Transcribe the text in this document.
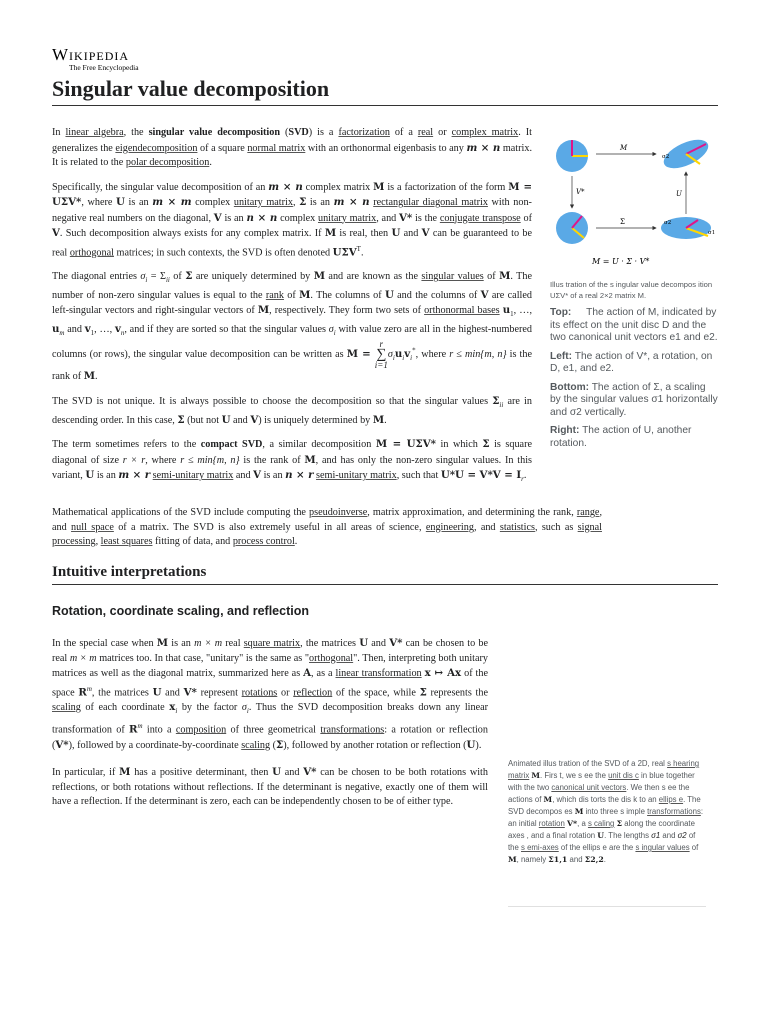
Wikipedia
The Free Encyclopedia
Singular value decomposition

In linear algebra, the singular value decomposition (SVD) is a factorization of a real or complex matrix. It generalizes the eigendecomposition of a square normal matrix with an orthonormal eigenbasis to any m × n matrix. It is related to the polar decomposition.

Specifically, the singular value decomposition of an m × n complex matrix M is a factorization of the form M = UΣV*, where U is an m × m complex unitary matrix, Σ is an m × n rectangular diagonal matrix with non-negative real numbers on the diagonal, V is an n × n complex unitary matrix, and V* is the conjugate transpose of V. Such decomposition always exists for any complex matrix. If M is real, then U and V can be guaranteed to be real orthogonal matrices; in such contexts, the SVD is often denoted $U\Sigma V^T$.

The diagonal entries $\sigma_i = \Sigma_{ii}$ of Σ are uniquely determined by M and are known as the singular values of M. The number of non-zero singular values is equal to the rank of M. The columns of U and the columns of V are called left-singular vectors and right-singular vectors of M, respectively. They form two sets of orthonormal bases $u_1$, …, $u_m$ and $v_1$, …, $v_n$, and if they are sorted so that the singular values $\sigma_i$ with value zero are all in the highest-numbered columns (or rows), the singular value decomposition can be written as M =
r
∑
i=1
$\sigma_iu_iv_i^*$, where r ≤ min{m, n} is the rank of M.

The SVD is not unique. It is always possible to choose the decomposition so that the singular values $\Sigma_{ii}$ are in descending order. In this case, Σ (but not U and V) is uniquely determined by M.

The term sometimes refers to the compact SVD, a similar decomposition M = UΣV* in which Σ is square diagonal of size r × r, where r ≤ min{m, n} is the rank of M, and has only the non-zero singular values. In this variant, U is an m × r semi-unitary matrix and V is an n × r semi-unitary matrix, such that $U*U = V*V = I_r$.

Mathematical applications of the SVD include computing the pseudoinverse, matrix approximation, and determining the rank, range, and null space of a matrix. The SVD is also extremely useful in all areas of science, engineering, and statistics, such as signal processing, least squares fitting of data, and process control.

M
V*
Σ
U
σ2
σ1
σ2
M = U · Σ · V*
Illus tration of the s ingular value decompos ition UΣV* of a real 2×2 matrix M.
Top: The action of M, indicated by its effect on the unit disc D and the two canonical unit vectors e1 and e2.
Left: The action of V*, a rotation, on D, e1, and e2.
Bottom: The action of Σ, a scaling by the singular values σ1 horizontally and σ2 vertically.
Right: The action of U, another rotation.
Intuitive interpretations
Rotation, coordinate scaling, and reflection

In the special case when M is an m × m real square matrix, the matrices U and V* can be chosen to be real m × m matrices too. In that case, "unitary" is the same as "orthogonal". Then, interpreting both unitary matrices as well as the diagonal matrix, summarized here as A, as a linear transformation x ↦ Ax of the space $R^m$, the matrices U and V* represent rotations or reflection of the space, while Σ represents the scaling of each coordinate $x_i$ by the factor $\sigma_i$. Thus the SVD decomposition breaks down any linear transformation of $R^m$ into a composition of three geometrical transformations: a rotation or reflection (V*), followed by a coordinate-by-coordinate scaling (Σ), followed by another rotation or reflection (U).

In particular, if M has a positive determinant, then U and V* can be chosen to be both rotations with reflections, or both rotations without reflections. If the determinant is negative, exactly one of them will have a reflection. If the determinant is zero, each can be independently chosen to be of either type.

Animated illus tration of the SVD of a 2D, real s hearing matrix M. Firs t, we s ee the unit dis c in blue together with the two canonical unit vectors. We then s ee the actions of M, which dis torts the dis k to an ellips e. The SVD decompos es M into three s imple transformations: an initial rotation V*, a s caling Σ along the coordinate axes , and a final rotation U. The lengths σ1 and σ2 of the s emi-axes of the ellips e are the s ingular values of M, namely Σ1,1 and Σ2,2.
